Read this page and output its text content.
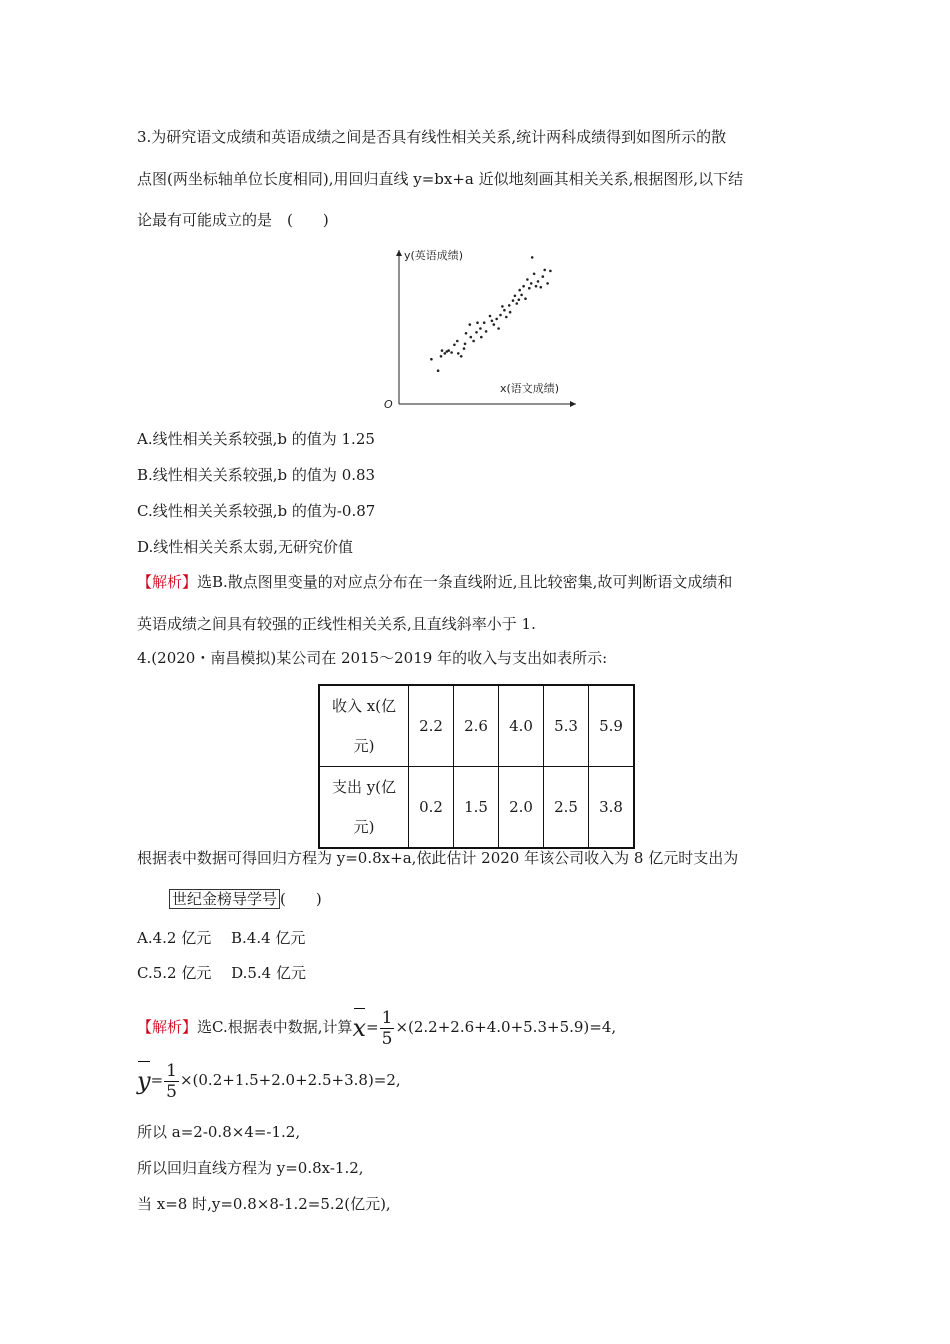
3.为研究语文成绩和英语成绩之间是否具有线性相关关系,统计两科成绩得到如图所示的散
点图(两坐标轴单位长度相同),用回归直线 y=bx+a 近似地刻画其相关关系,根据图形,以下结
论最有可能成立的是　(　　)
y(英语成绩)
x(语文成绩)
O
A.线性相关关系较强,b 的值为 1.25
B.线性相关关系较强,b 的值为 0.83
C.线性相关关系较强,b 的值为-0.87
D.线性相关关系太弱,无研究价值
【解析】选B.散点图里变量的对应点分布在一条直线附近,且比较密集,故可判断语文成绩和
英语成绩之间具有较强的正线性相关关系,且直线斜率小于 1.
4.(2020・南昌模拟)某公司在 2015～2019 年的收入与支出如表所示:
收入 x(亿
元)	2.2	2.6	4.0	5.3	5.9
支出 y(亿
元)	0.2	1.5	2.0	2.5	3.8
根据表中数据可得回归方程为 y=0.8x+a,依此估计 2020 年该公司收入为 8 亿元时支出为
世纪金榜导学号 (　　)
A.4.2 亿元　 B.4.4 亿元
C.5.2 亿元　 D.5.4 亿元
【解析】选C.根据表中数据,计算$x= \frac{1}{5} \times(2.2+2.6+4.0+5.3+5.9)=4$,
$y= \frac{1}{5} \times(0.2+1.5+2.0+2.5+3.8)=2$,
所以 a=2-0.8×4=-1.2,
所以回归直线方程为 y=0.8x-1.2,
当 x=8 时,y=0.8×8-1.2=5.2(亿元),
